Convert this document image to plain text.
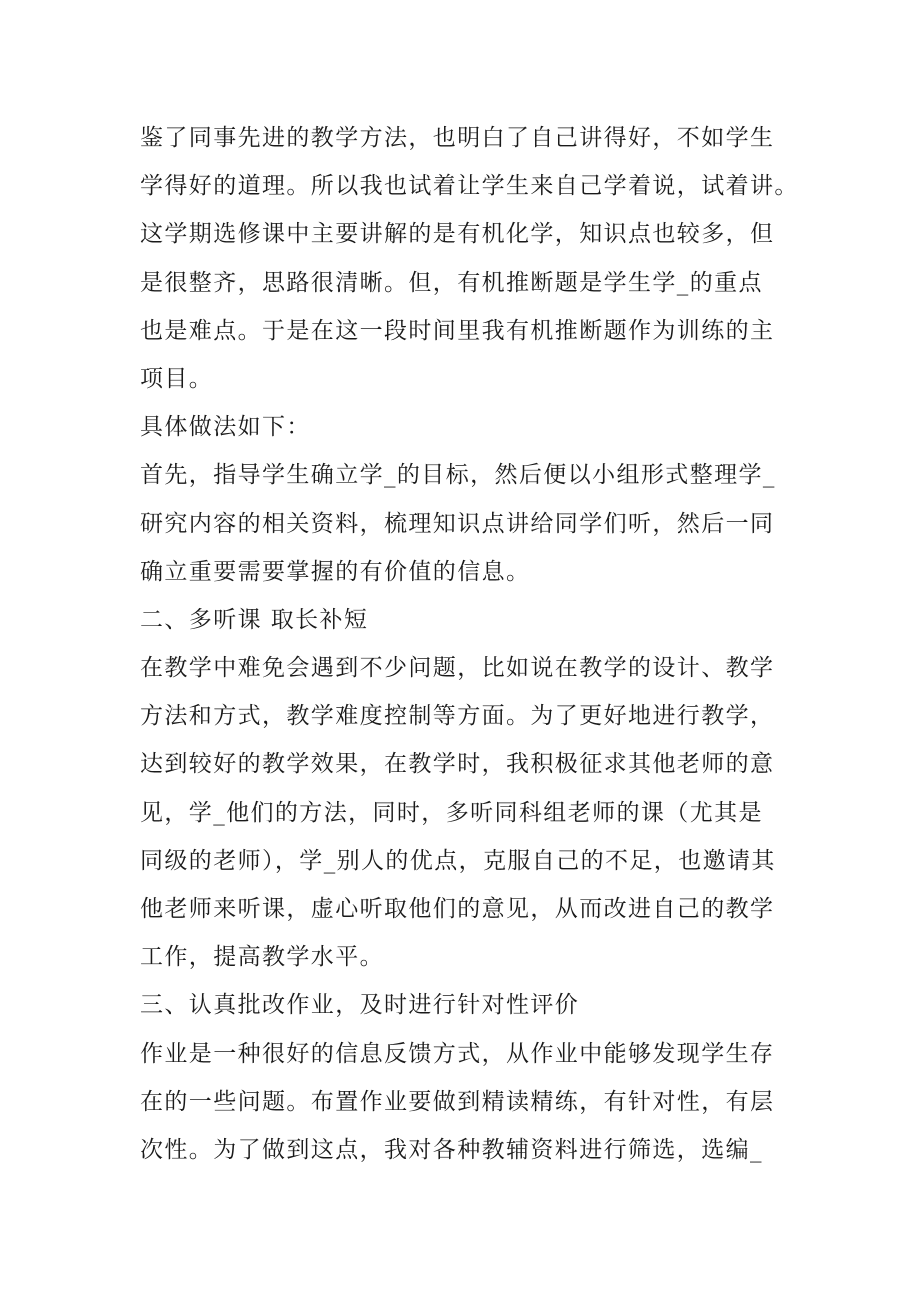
鉴了同事先进的教学方法，也明白了自己讲得好，不如学生
学得好的道理。所以我也试着让学生来自己学着说，试着讲。
这学期选修课中主要讲解的是有机化学，知识点也较多，但
是很整齐，思路很清晰。但，有机推断题是学生学_的重点
也是难点。于是在这一段时间里我有机推断题作为训练的主
项目。
具体做法如下：
首先，指导学生确立学_的目标，然后便以小组形式整理学_
研究内容的相关资料，梳理知识点讲给同学们听，然后一同
确立重要需要掌握的有价值的信息。
二、多听课 取长补短
在教学中难免会遇到不少问题，比如说在教学的设计、教学
方法和方式，教学难度控制等方面。为了更好地进行教学，
达到较好的教学效果，在教学时，我积极征求其他老师的意
见，学_他们的方法，同时，多听同科组老师的课（尤其是
同级的老师），学_别人的优点，克服自己的不足，也邀请其
他老师来听课，虚心听取他们的意见，从而改进自己的教学
工作，提高教学水平。
三、认真批改作业，及时进行针对性评价
作业是一种很好的信息反馈方式，从作业中能够发现学生存
在的一些问题。布置作业要做到精读精练，有针对性，有层
次性。为了做到这点，我对各种教辅资料进行筛选，选编_
